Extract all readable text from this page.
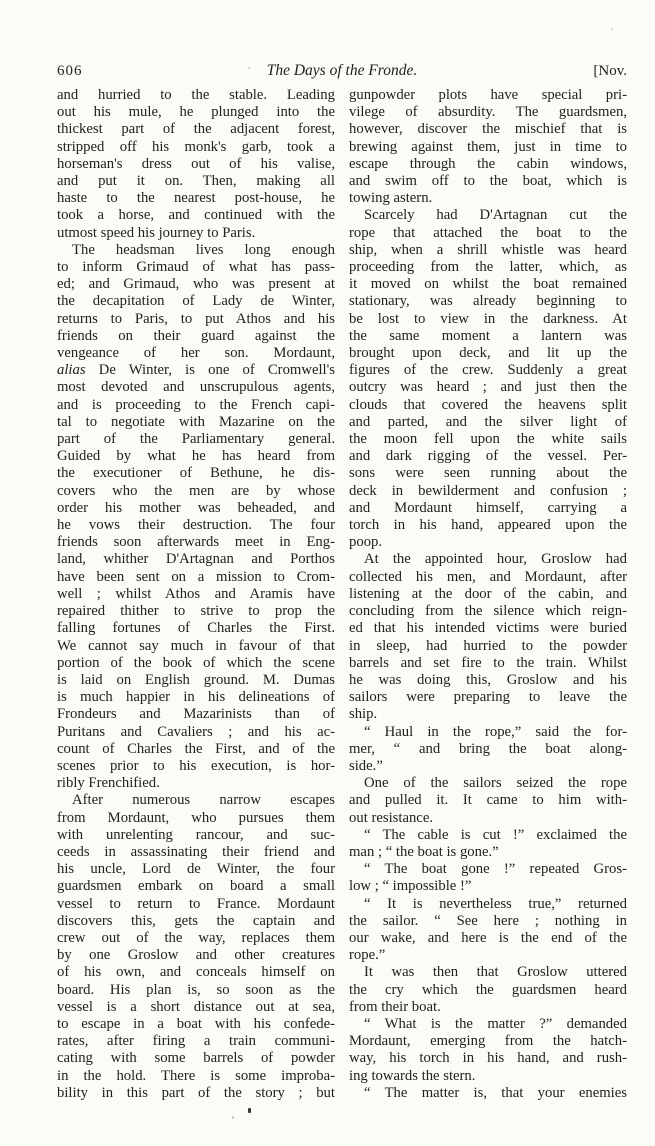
606	The Days of the Fronde.	[Nov.
and hurried to the stable. Leading
out his mule, he plunged into the
thickest part of the adjacent forest,
stripped off his monk's garb, took a
horseman's dress out of his valise,
and put it on. Then, making all
haste to the nearest post-house, he
took a horse, and continued with the
utmost speed his journey to Paris.
The headsman lives long enough
to inform Grimaud of what has pass-
ed; and Grimaud, who was present at
the decapitation of Lady de Winter,
returns to Paris, to put Athos and his
friends on their guard against the
vengeance of her son. Mordaunt,
alias De Winter, is one of Cromwell's
most devoted and unscrupulous agents,
and is proceeding to the French capi-
tal to negotiate with Mazarine on the
part of the Parliamentary general.
Guided by what he has heard from
the executioner of Bethune, he dis-
covers who the men are by whose
order his mother was beheaded, and
he vows their destruction. The four
friends soon afterwards meet in Eng-
land, whither D'Artagnan and Porthos
have been sent on a mission to Crom-
well ; whilst Athos and Aramis have
repaired thither to strive to prop the
falling fortunes of Charles the First.
We cannot say much in favour of that
portion of the book of which the scene
is laid on English ground. M. Dumas
is much happier in his delineations of
Frondeurs and Mazarinists than of
Puritans and Cavaliers ; and his ac-
count of Charles the First, and of the
scenes prior to his execution, is hor-
ribly Frenchified.
After numerous narrow escapes
from Mordaunt, who pursues them
with unrelenting rancour, and suc-
ceeds in assassinating their friend and
his uncle, Lord de Winter, the four
guardsmen embark on board a small
vessel to return to France. Mordaunt
discovers this, gets the captain and
crew out of the way, replaces them
by one Groslow and other creatures
of his own, and conceals himself on
board. His plan is, so soon as the
vessel is a short distance out at sea,
to escape in a boat with his confede-
rates, after firing a train communi-
cating with some barrels of powder
in the hold. There is some improba-
bility in this part of the story ; but
gunpowder plots have special pri-
vilege of absurdity. The guardsmen,
however, discover the mischief that is
brewing against them, just in time to
escape through the cabin windows,
and swim off to the boat, which is
towing astern.
Scarcely had D'Artagnan cut the
rope that attached the boat to the
ship, when a shrill whistle was heard
proceeding from the latter, which, as
it moved on whilst the boat remained
stationary, was already beginning to
be lost to view in the darkness. At
the same moment a lantern was
brought upon deck, and lit up the
figures of the crew. Suddenly a great
outcry was heard ; and just then the
clouds that covered the heavens split
and parted, and the silver light of
the moon fell upon the white sails
and dark rigging of the vessel. Per-
sons were seen running about the
deck in bewilderment and confusion ;
and Mordaunt himself, carrying a
torch in his hand, appeared upon the
poop.
At the appointed hour, Groslow had
collected his men, and Mordaunt, after
listening at the door of the cabin, and
concluding from the silence which reign-
ed that his intended victims were buried
in sleep, had hurried to the powder
barrels and set fire to the train. Whilst
he was doing this, Groslow and his
sailors were preparing to leave the
ship.
“ Haul in the rope,” said the for-
mer, “ and bring the boat along-
side.”
One of the sailors seized the rope
and pulled it. It came to him with-
out resistance.
“ The cable is cut !” exclaimed the
man ; “ the boat is gone.”
“ The boat gone !” repeated Gros-
low ; “ impossible !”
“ It is nevertheless true,” returned
the sailor. “ See here ; nothing in
our wake, and here is the end of the
rope.”
It was then that Groslow uttered
the cry which the guardsmen heard
from their boat.
“ What is the matter ?” demanded
Mordaunt, emerging from the hatch-
way, his torch in his hand, and rush-
ing towards the stern.
“ The matter is, that your enemies
